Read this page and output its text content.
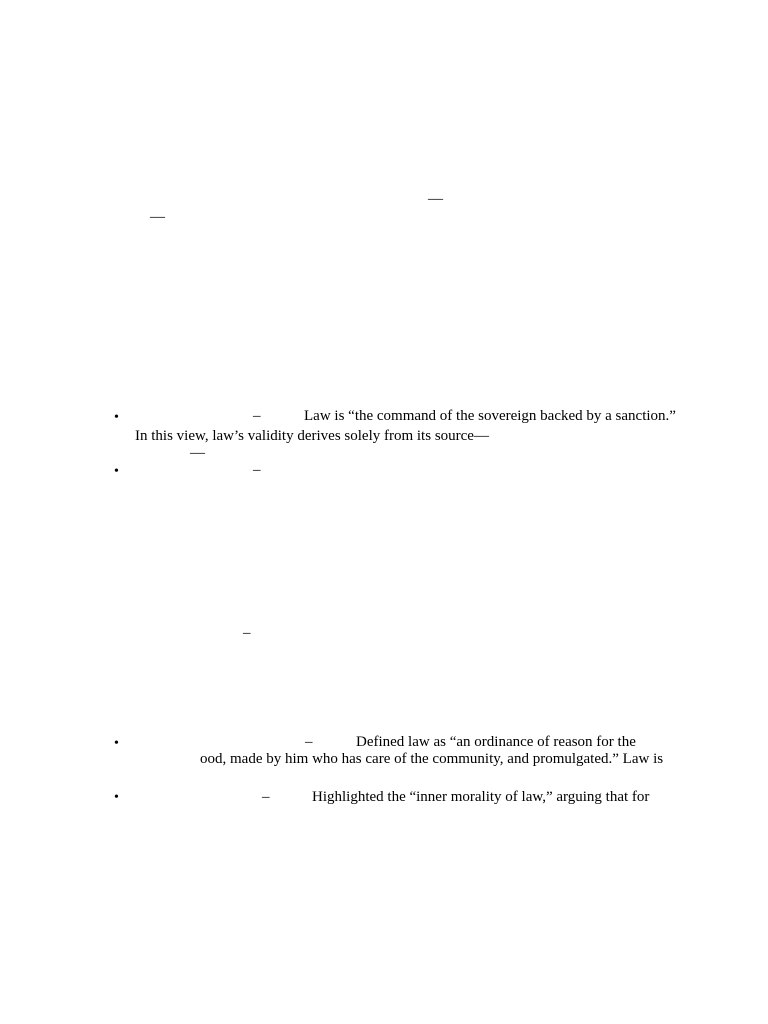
—
—
•	–	Law is “the command of the sovereign backed by a sanction.”
In this view, law’s validity derives solely from its source—
—
•	–
–
•	–	Defined law as “an ordinance of reason for the
ood, made by him who has care of the community, and promulgated.” Law is
•	–	Highlighted the “inner morality of law,” arguing that for
